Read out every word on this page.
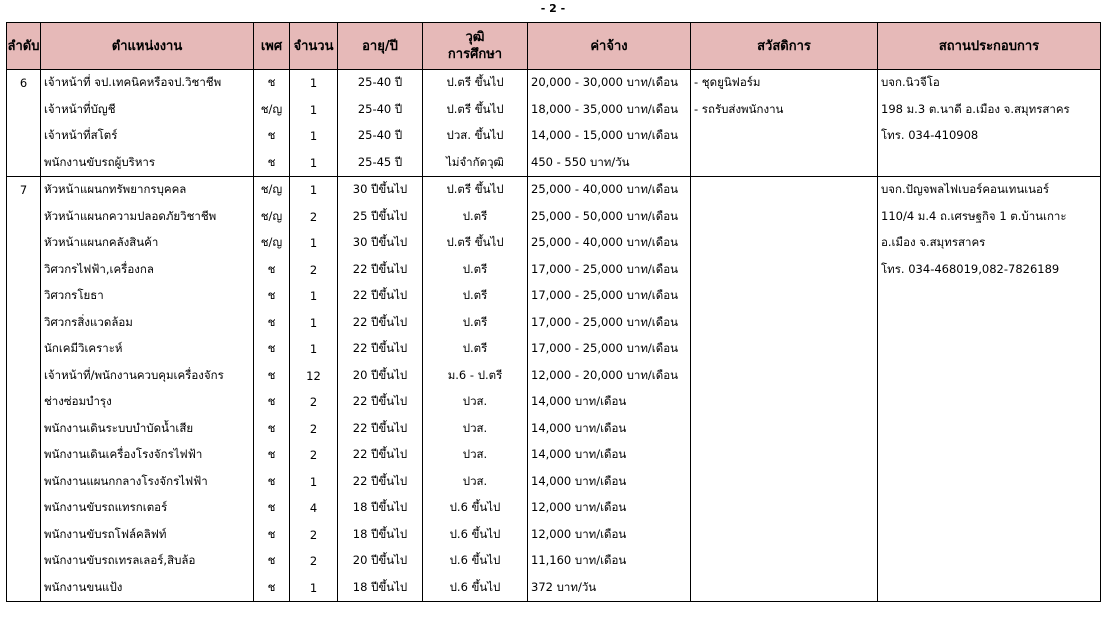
- 2 -
ลำดับ	ตำแหน่งงาน	เพศ	จำนวน	อายุ/ปี	วุฒิ
การศึกษา	ค่าจ้าง	สวัสดิการ	สถานประกอบการ
6	เจ้าหน้าที่ จป.เทคนิคหรือจป.วิชาชีพ	ช	1	25-40 ปี	ป.ตรี ขึ้นไป	20,000 - 30,000 บาท/เดือน	- ชุดยูนิฟอร์ม	บจก.นิวจีโอ
	เจ้าหน้าที่บัญชี	ช/ญ	1	25-40 ปี	ป.ตรี ขึ้นไป	18,000 - 35,000 บาท/เดือน	- รถรับส่งพนักงาน	198 ม.3 ต.นาดี อ.เมือง จ.สมุทรสาคร
	เจ้าหน้าที่สโตร์	ช	1	25-40 ปี	ปวส. ขึ้นไป	14,000 - 15,000 บาท/เดือน		โทร. 034-410908
	พนักงานขับรถผู้บริหาร	ช	1	25-45 ปี	ไม่จำกัดวุฒิ	450 - 550 บาท/วัน		
7	หัวหน้าแผนกทรัพยากรบุคคล	ช/ญ	1	30 ปีขึ้นไป	ป.ตรี ขึ้นไป	25,000 - 40,000 บาท/เดือน		บจก.ปัญจพลไฟเบอร์คอนเทนเนอร์
	หัวหน้าแผนกความปลอดภัยวิชาชีพ	ช/ญ	2	25 ปีขึ้นไป	ป.ตรี	25,000 - 50,000 บาท/เดือน		110/4 ม.4 ถ.เศรษฐกิจ 1 ต.บ้านเกาะ
	หัวหน้าแผนกคลังสินค้า	ช/ญ	1	30 ปีขึ้นไป	ป.ตรี ขึ้นไป	25,000 - 40,000 บาท/เดือน		อ.เมือง จ.สมุทรสาคร
	วิศวกรไฟฟ้า,เครื่องกล	ช	2	22 ปีขึ้นไป	ป.ตรี	17,000 - 25,000 บาท/เดือน		โทร. 034-468019,082-7826189
	วิศวกรโยธา	ช	1	22 ปีขึ้นไป	ป.ตรี	17,000 - 25,000 บาท/เดือน		
	วิศวกรสิ่งแวดล้อม	ช	1	22 ปีขึ้นไป	ป.ตรี	17,000 - 25,000 บาท/เดือน		
	นักเคมีวิเคราะห์	ช	1	22 ปีขึ้นไป	ป.ตรี	17,000 - 25,000 บาท/เดือน		
	เจ้าหน้าที่/พนักงานควบคุมเครื่องจักร	ช	12	20 ปีขึ้นไป	ม.6 - ป.ตรี	12,000 - 20,000 บาท/เดือน		
	ช่างซ่อมบำรุง	ช	2	22 ปีขึ้นไป	ปวส.	14,000 บาท/เดือน		
	พนักงานเดินระบบบำบัดน้ำเสีย	ช	2	22 ปีขึ้นไป	ปวส.	14,000 บาท/เดือน		
	พนักงานเดินเครื่องโรงจักรไฟฟ้า	ช	2	22 ปีขึ้นไป	ปวส.	14,000 บาท/เดือน		
	พนักงานแผนกกลางโรงจักรไฟฟ้า	ช	1	22 ปีขึ้นไป	ปวส.	14,000 บาท/เดือน		
	พนักงานขับรถแทรกเตอร์	ช	4	18 ปีขึ้นไป	ป.6 ขึ้นไป	12,000 บาท/เดือน		
	พนักงานขับรถโฟล์คลิฟท์	ช	2	18 ปีขึ้นไป	ป.6 ขึ้นไป	12,000 บาท/เดือน		
	พนักงานขับรถเทรลเลอร์,สิบล้อ	ช	2	20 ปีขึ้นไป	ป.6 ขึ้นไป	11,160 บาท/เดือน		
	พนักงานขนแป้ง	ช	1	18 ปีขึ้นไป	ป.6 ขึ้นไป	372 บาท/วัน		
